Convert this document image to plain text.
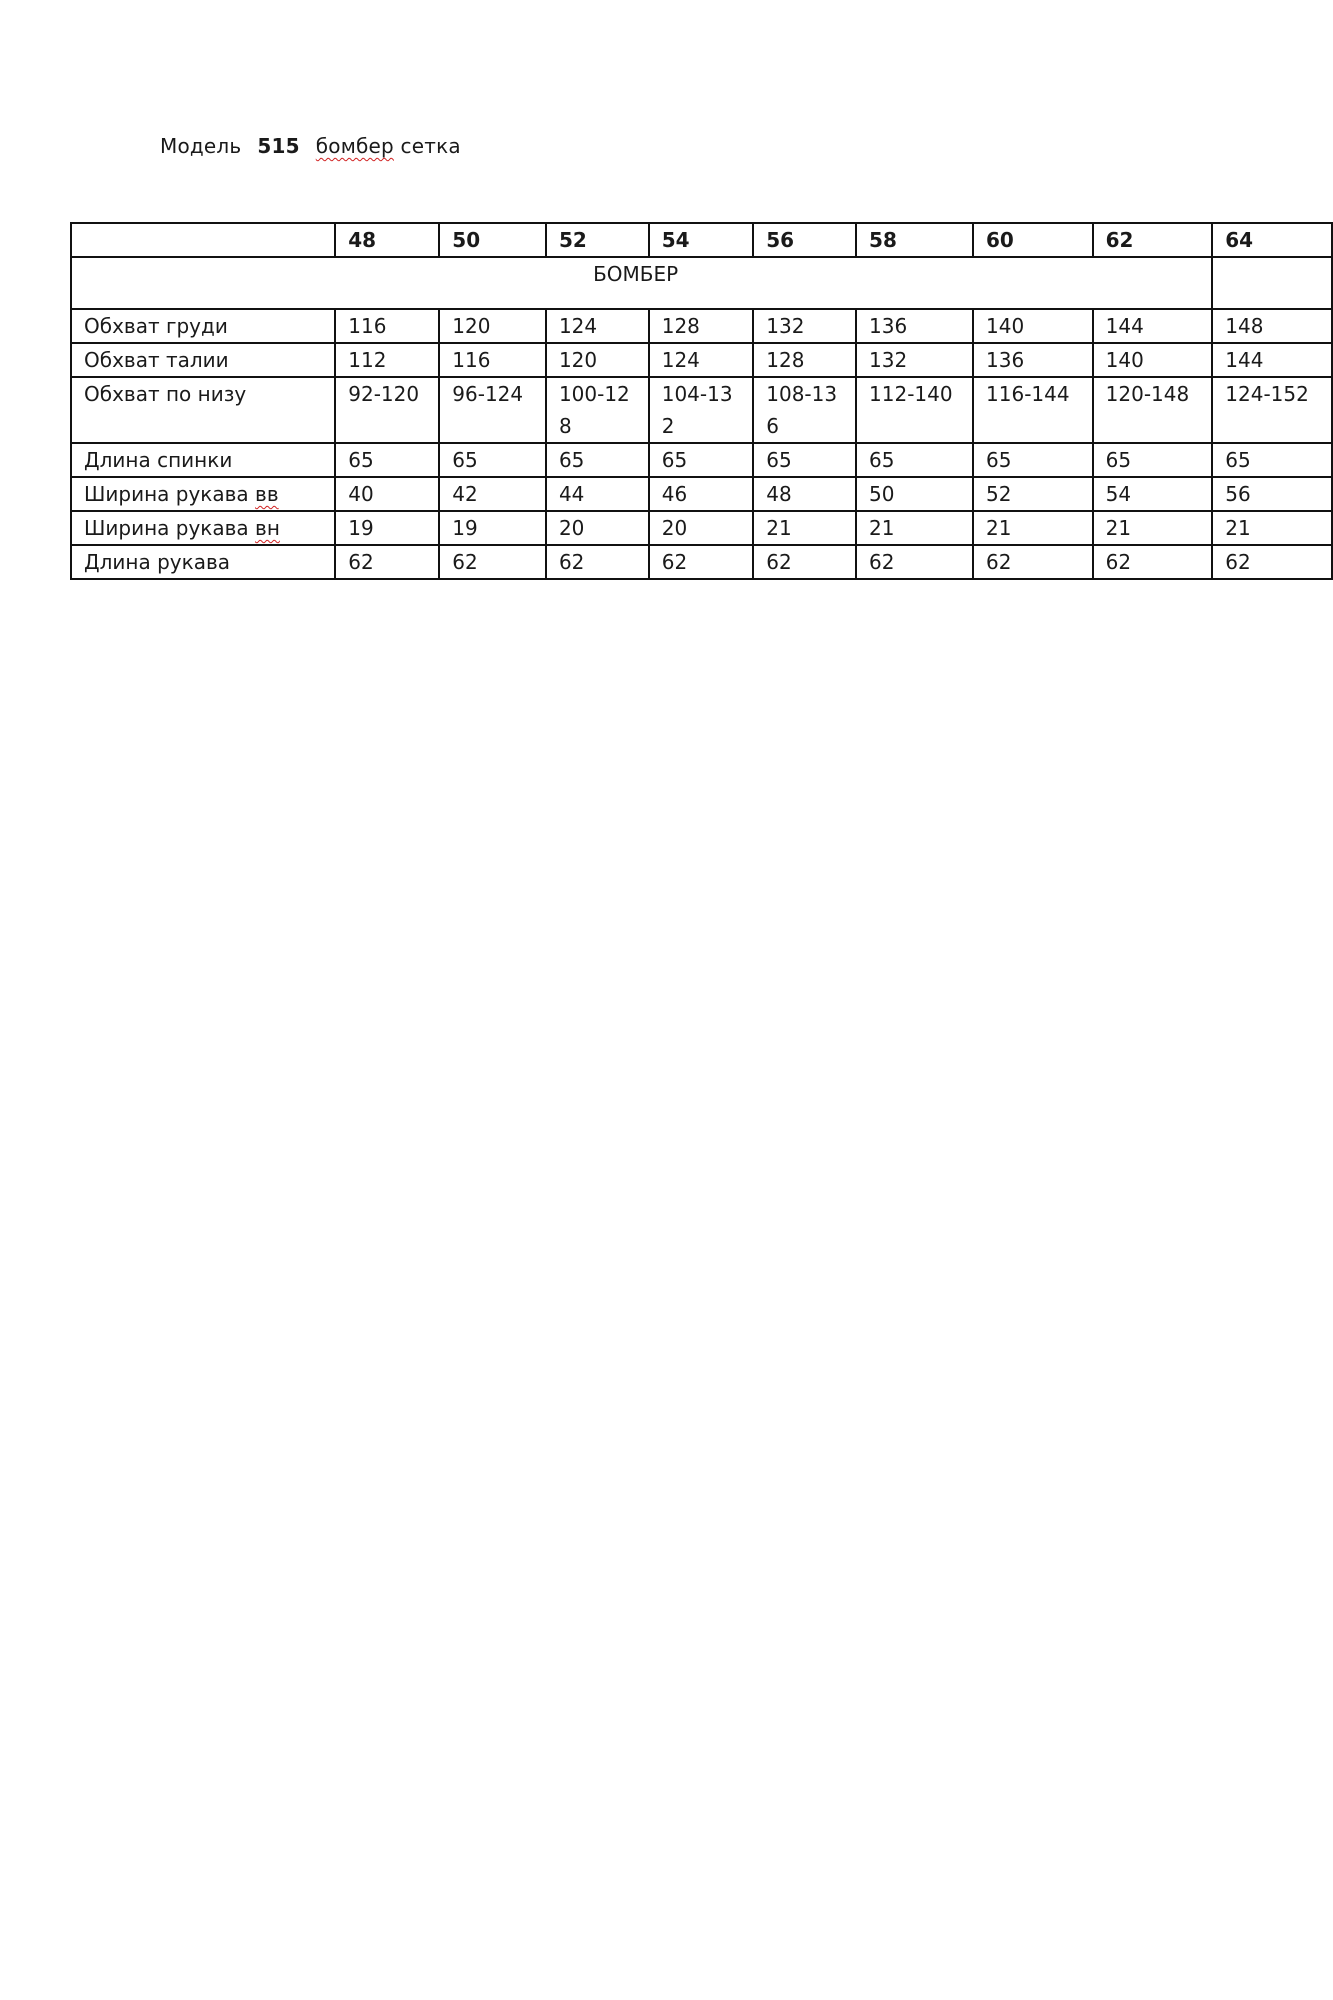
Модель 515 бомбер сетка
	48	50	52	54	56	58	60	62	64
БОМБЕР									
Обхват груди	116	120	124	128	132	136	140	144	148
Обхват талии	112	116	120	124	128	132	136	140	144
Обхват по низу	92-120	96-124	100-128	104-132	108-136	112-140	116-144	120-148	124-152
Длина спинки	65	65	65	65	65	65	65	65	65
Ширина рукава вв	40	42	44	46	48	50	52	54	56
Ширина рукава вн	19	19	20	20	21	21	21	21	21
Длина рукава	62	62	62	62	62	62	62	62	62
